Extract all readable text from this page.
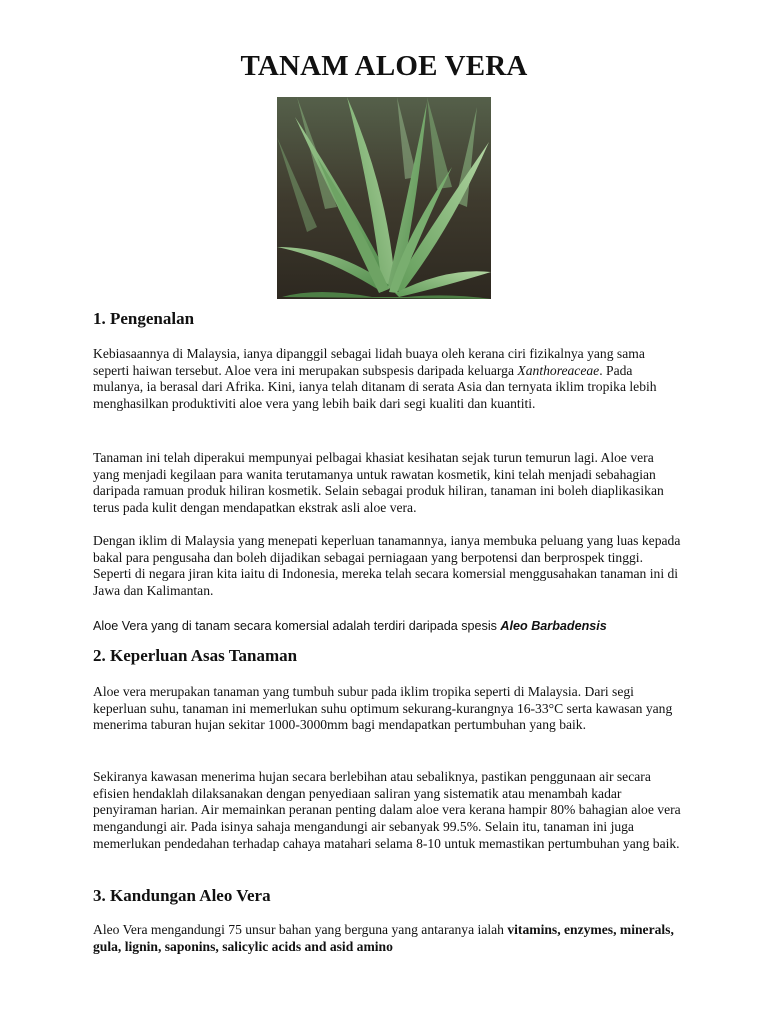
TANAM ALOE VERA
1. Pengenalan

Kebiasaannya di Malaysia, ianya dipanggil sebagai lidah buaya oleh kerana ciri fizikalnya yang sama seperti haiwan tersebut. Aloe vera ini merupakan subspesis daripada keluarga Xanthoreaceae. Pada mulanya, ia berasal dari Afrika. Kini, ianya telah ditanam di serata Asia dan ternyata iklim tropika lebih menghasilkan produktiviti aloe vera yang lebih baik dari segi kualiti dan kuantiti.

Tanaman ini telah diperakui mempunyai pelbagai khasiat kesihatan sejak turun temurun lagi. Aloe vera yang menjadi kegilaan para wanita terutamanya untuk rawatan kosmetik, kini telah menjadi sebahagian daripada ramuan produk hiliran kosmetik. Selain sebagai produk hiliran, tanaman ini boleh diaplikasikan terus pada kulit dengan mendapatkan ekstrak asli aloe vera.

Dengan iklim di Malaysia yang menepati keperluan tanamannya, ianya membuka peluang yang luas kepada bakal para pengusaha dan boleh dijadikan sebagai perniagaan yang berpotensi dan berprospek tinggi. Seperti di negara jiran kita iaitu di Indonesia, mereka telah secara komersial menggusahakan tanaman ini di Jawa dan Kalimantan.

Aloe Vera yang di tanam secara komersial adalah terdiri daripada spesis Aleo Barbadensis

2. Keperluan Asas Tanaman

Aloe vera merupakan tanaman yang tumbuh subur pada iklim tropika seperti di Malaysia. Dari segi keperluan suhu, tanaman ini memerlukan suhu optimum sekurang-kurangnya 16-33°C serta kawasan yang menerima taburan hujan sekitar 1000-3000mm bagi mendapatkan pertumbuhan yang baik.

Sekiranya kawasan menerima hujan secara berlebihan atau sebaliknya, pastikan penggunaan air secara efisien hendaklah dilaksanakan dengan penyediaan saliran yang sistematik atau menambah kadar penyiraman harian. Air memainkan peranan penting dalam aloe vera kerana hampir 80% bahagian aloe vera mengandungi air. Pada isinya sahaja mengandungi air sebanyak 99.5%. Selain itu, tanaman ini juga memerlukan pendedahan terhadap cahaya matahari selama 8-10 untuk memastikan pertumbuhan yang baik.

3. Kandungan Aleo Vera

Aleo Vera mengandungi 75 unsur bahan yang berguna yang antaranya ialah vitamins, enzymes, minerals, gula, lignin, saponins, salicylic acids and asid amino
